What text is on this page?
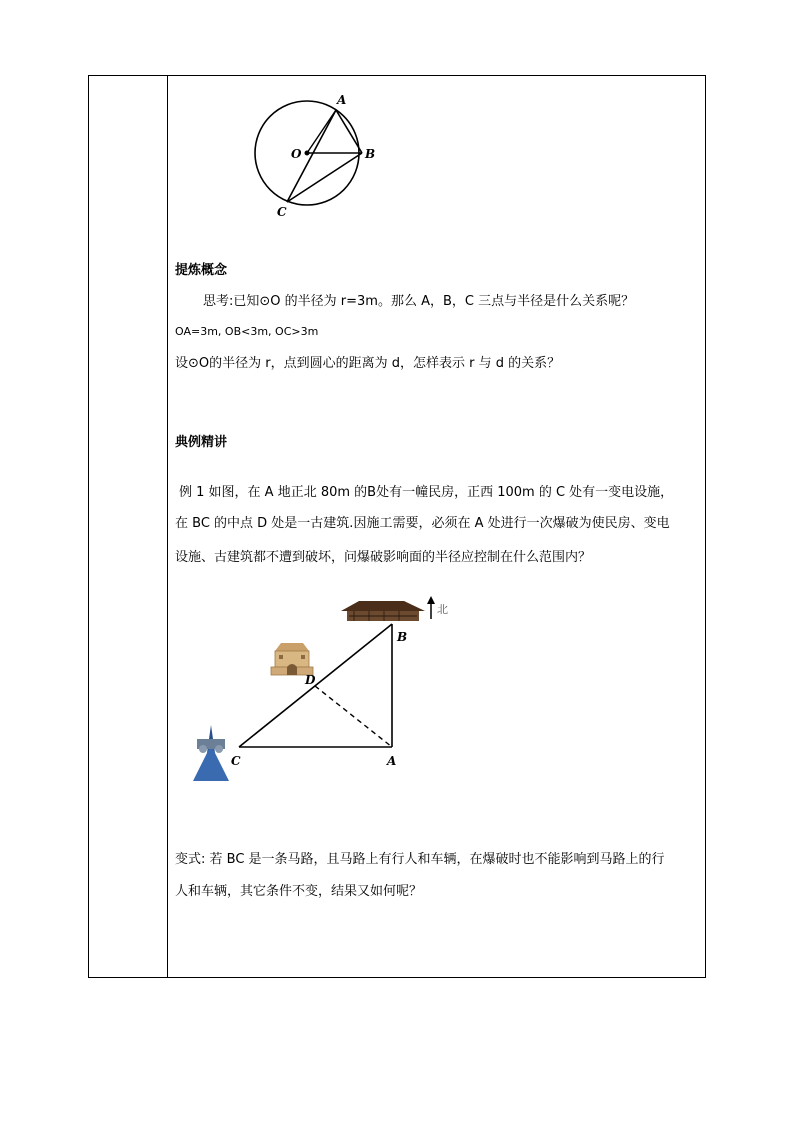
A
B
C
O
提炼概念
思考:已知⊙O 的半径为 r=3m。那么 A，B，C 三点与半径是什么关系呢？
OA=3m, OB<3m, OC>3m
设⊙O的半径为 r，点到圆心的距离为 d，怎样表示 r 与 d 的关系？
典例精讲
例 1 如图，在 A 地正北 80m 的B处有一幢民房，正西 100m 的 C 处有一变电设施，
在 BC 的中点 D 处是一古建筑.因施工需要，必须在 A 处进行一次爆破为使民房、变电
设施、古建筑都不遭到破坏，问爆破影响面的半径应控制在什么范围内？
北
B
D
C	A
变式: 若 BC 是一条马路，且马路上有行人和车辆，在爆破时也不能影响到马路上的行
人和车辆，其它条件不变，结果又如何呢？
